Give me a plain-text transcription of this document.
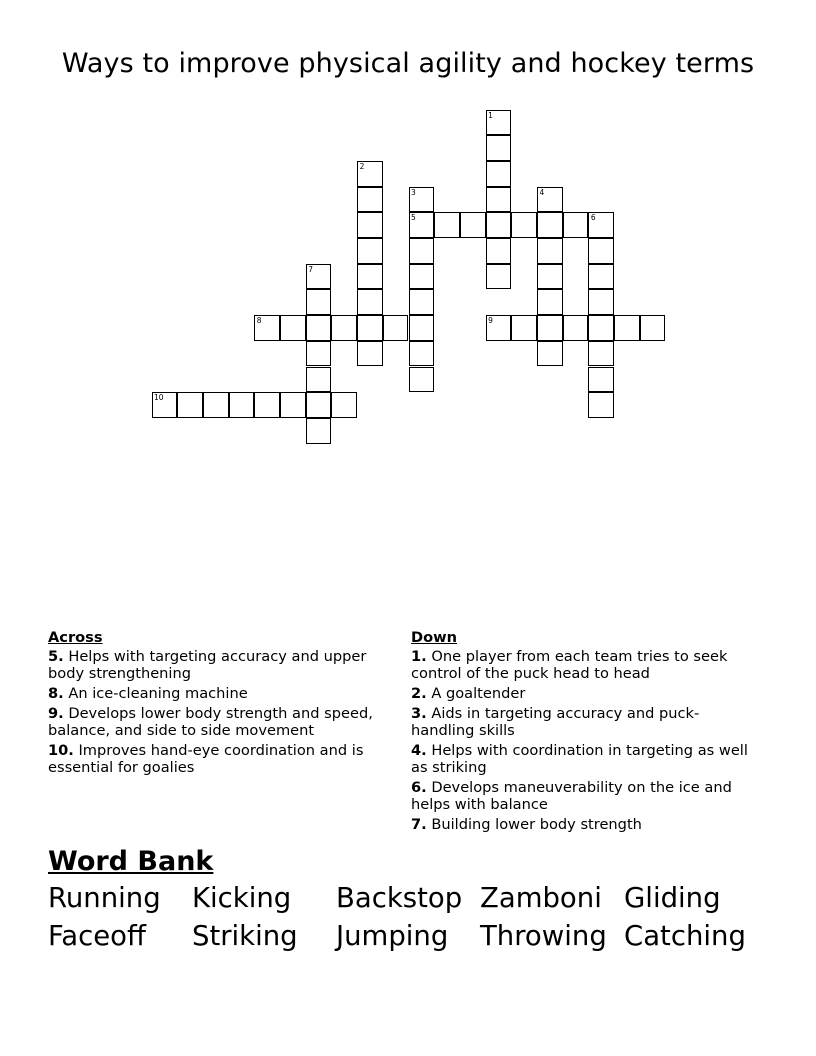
Ways to improve physical agility and hockey terms
1
2
3
5
4
6
7
8	9
10
Across
5. Helps with targeting accuracy and upper body strengthening
8. An ice-cleaning machine
9. Develops lower body strength and speed, balance, and side to side movement
10. Improves hand-eye coordination and is essential for goalies
Down
1. One player from each team tries to seek control of the puck head to head
2. A goaltender
3. Aids in targeting accuracy and puck-handling skills
4. Helps with coordination in targeting as well as striking
6. Develops maneuverability on the ice and helps with balance
7. Building lower body strength
Word Bank
Running	Kicking	Backstop Zamboni Gliding
Faceoff	Striking	Jumping	Throwing Catching
